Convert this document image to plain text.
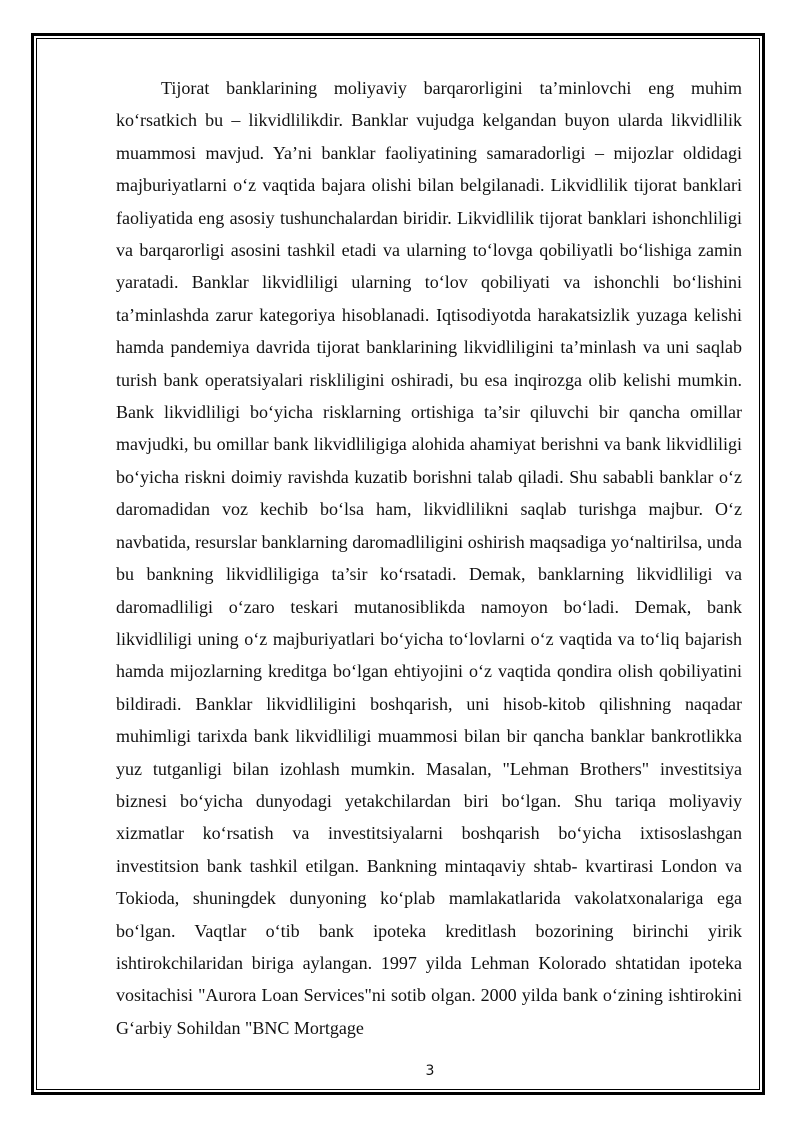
Tijorat banklarining moliyaviy barqarorligini ta’minlovchi eng muhim ko‘rsatkich bu – likvidlilikdir. Banklar vujudga kelgandan buyon ularda likvidlilik muammosi mavjud. Ya’ni banklar faoliyatining samaradorligi – mijozlar oldidagi majburiyatlarni o‘z vaqtida bajara olishi bilan belgilanadi. Likvidlilik tijorat banklari faoliyatida eng asosiy tushunchalardan biridir. Likvidlilik tijorat banklari ishonchliligi va barqarorligi asosini tashkil etadi va ularning to‘lovga qobiliyatli bo‘lishiga zamin yaratadi. Banklar likvidliligi ularning to‘lov qobiliyati va ishonchli bo‘lishini ta’minlashda zarur kategoriya hisoblanadi. Iqtisodiyotda harakatsizlik yuzaga kelishi hamda pandemiya davrida tijorat banklarining likvidliligini ta’minlash va uni saqlab turish bank operatsiyalari riskliligini oshiradi, bu esa inqirozga olib kelishi mumkin. Bank likvidliligi bo‘yicha risklarning ortishiga ta’sir qiluvchi bir qancha omillar mavjudki, bu omillar bank likvidliligiga alohida ahamiyat berishni va bank likvidliligi bo‘yicha riskni doimiy ravishda kuzatib borishni talab qiladi. Shu sababli banklar o‘z daromadidan voz kechib bo‘lsa ham, likvidlilikni saqlab turishga majbur. O‘z navbatida, resurslar banklarning daromadliligini oshirish maqsadiga yo‘naltirilsa, unda bu bankning likvidliligiga ta’sir ko‘rsatadi. Demak, banklarning likvidliligi va daromadliligi o‘zaro teskari mutanosiblikda namoyon bo‘ladi. Demak, bank likvidliligi uning o‘z majburiyatlari bo‘yicha to‘lovlarni o‘z vaqtida va to‘liq bajarish hamda mijozlarning kreditga bo‘lgan ehtiyojini o‘z vaqtida qondira olish qobiliyatini bildiradi. Banklar likvidliligini boshqarish, uni hisob-kitob qilishning naqadar muhimligi tarixda bank likvidliligi muammosi bilan bir qancha banklar bankrotlikka yuz tutganligi bilan izohlash mumkin. Masalan, "Lehman Brothers" investitsiya biznesi bo‘yicha dunyodagi yetakchilardan biri bo‘lgan. Shu tariqa moliyaviy xizmatlar ko‘rsatish va investitsiyalarni boshqarish bo‘yicha ixtisoslashgan investitsion bank tashkil etilgan. Bankning mintaqaviy shtab- kvartirasi London va Tokioda, shuningdek dunyoning ko‘plab mamlakatlarida vakolatxonalariga ega bo‘lgan. Vaqtlar o‘tib bank ipoteka kreditlash bozorining birinchi yirik ishtirokchilaridan biriga aylangan. 1997 yilda Lehman Kolorado shtatidan ipoteka vositachisi "Aurora Loan Services"ni sotib olgan. 2000 yilda bank o‘zining ishtirokini G‘arbiy Sohildan "BNC Mortgage

3
